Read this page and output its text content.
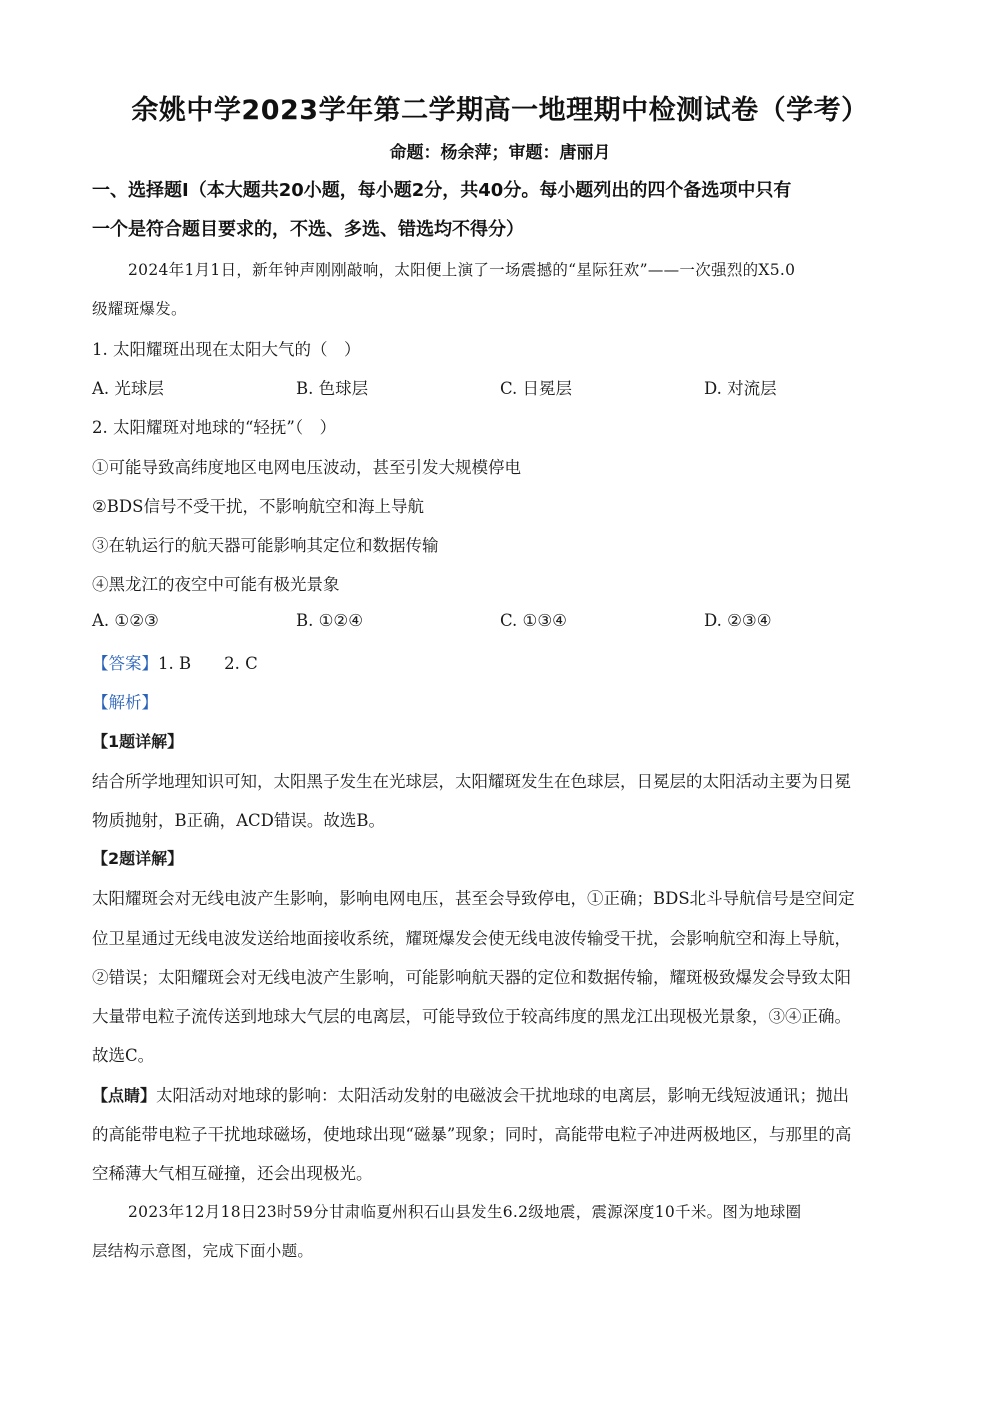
余姚中学2023学年第二学期高一地理期中检测试卷（学考）
命题：杨余萍；审题：唐丽月
一、选择题Ⅰ（本大题共20小题，每小题2分，共40分。每小题列出的四个备选项中只有
一个是符合题目要求的，不选、多选、错选均不得分）
2024年1月1日，新年钟声刚刚敲响，太阳便上演了一场震撼的“星际狂欢”——一次强烈的X5.0
级耀斑爆发。
1. 太阳耀斑出现在太阳大气的（　）
A. 光球层	B. 色球层	C. 日冕层	D. 对流层
2. 太阳耀斑对地球的“轻抚”（　）
①可能导致高纬度地区电网电压波动，甚至引发大规模停电
②BDS信号不受干扰，不影响航空和海上导航
③在轨运行的航天器可能影响其定位和数据传输
④黑龙江的夜空中可能有极光景象
A. ①②③	B. ①②④	C. ①③④	D. ②③④
【答案】1. B　　2. C
【解析】
【1题详解】
结合所学地理知识可知，太阳黑子发生在光球层，太阳耀斑发生在色球层，日冕层的太阳活动主要为日冕
物质抛射，B正确，ACD错误。故选B。
【2题详解】
太阳耀斑会对无线电波产生影响，影响电网电压，甚至会导致停电，①正确；BDS北斗导航信号是空间定
位卫星通过无线电波发送给地面接收系统，耀斑爆发会使无线电波传输受干扰，会影响航空和海上导航，
②错误；太阳耀斑会对无线电波产生影响，可能影响航天器的定位和数据传输，耀斑极致爆发会导致太阳
大量带电粒子流传送到地球大气层的电离层，可能导致位于较高纬度的黑龙江出现极光景象，③④正确。
故选C。
【点睛】太阳活动对地球的影响：太阳活动发射的电磁波会干扰地球的电离层，影响无线短波通讯；抛出
的高能带电粒子干扰地球磁场，使地球出现“磁暴”现象；同时，高能带电粒子冲进两极地区，与那里的高
空稀薄大气相互碰撞，还会出现极光。
2023年12月18日23时59分甘肃临夏州积石山县发生6.2级地震，震源深度10千米。图为地球圈
层结构示意图，完成下面小题。
